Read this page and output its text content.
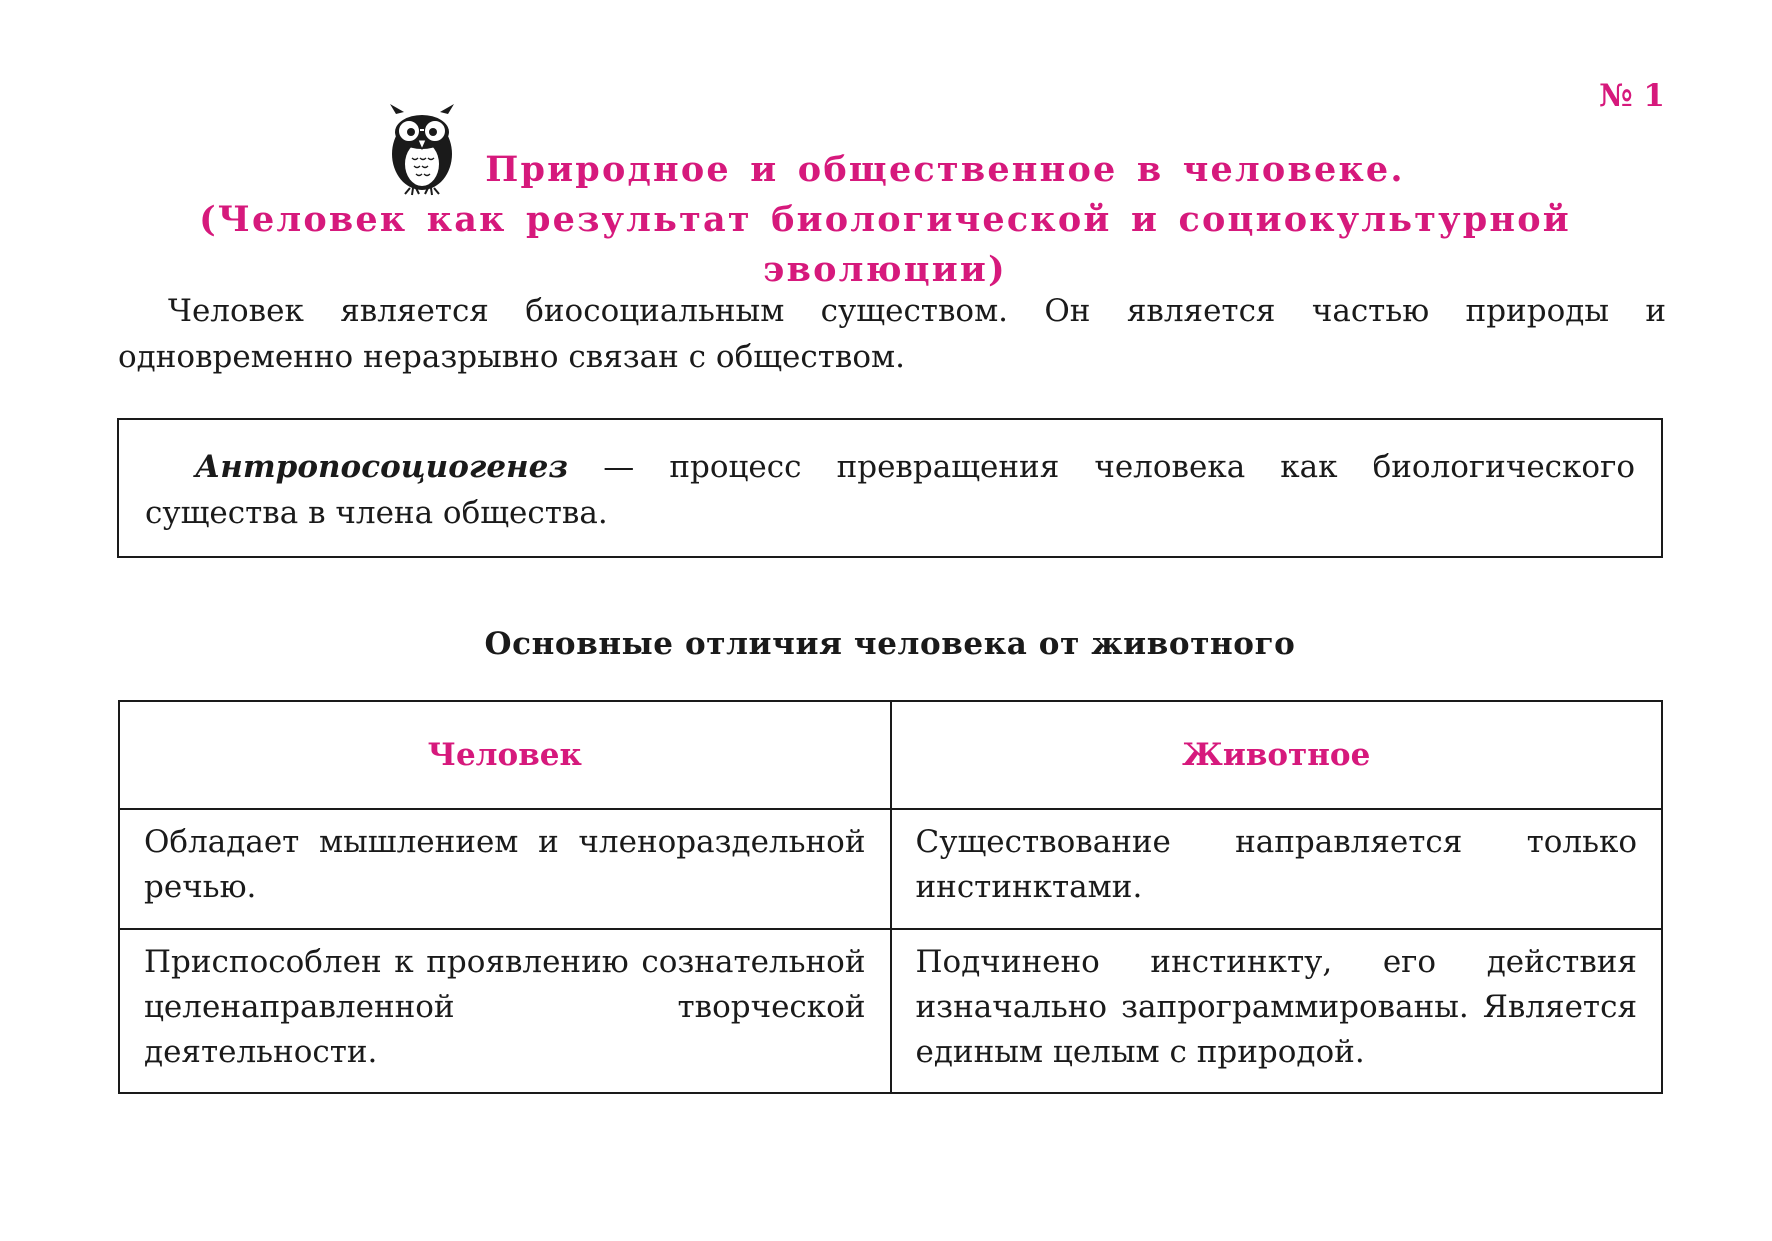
№ 1
Природное и общественное в человеке.
(Человек как результат биологической и социокультурной эволюции)

Человек является биосоциальным существом. Он является частью природы и одновременно неразрывно связан с обществом.

Антропосоциогенез — процесс превращения человека как биологического существа в члена общества.

Основные отличия человека от животного
Человек	Животное
Обладает мышлением и членораздельной речью.	Существование направляется только инстинктами.
Приспособлен к проявлению сознательной целенаправленной творческой деятельности.	Подчинено инстинкту, его действия изначально запрограммированы. Является единым целым с природой.
